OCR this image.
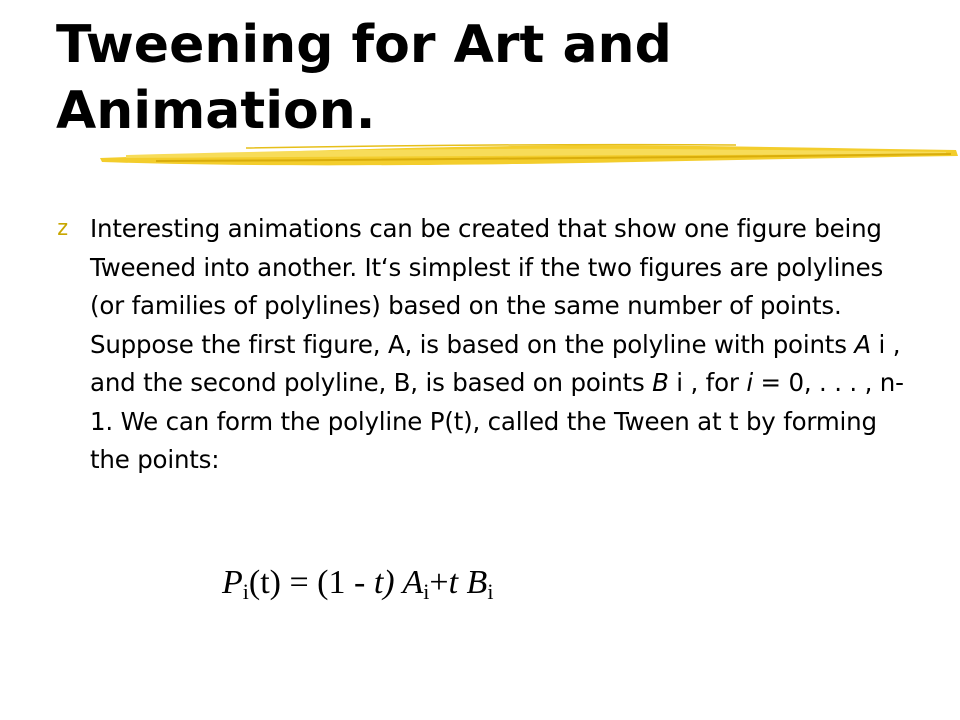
Tweening for Art and Animation.
z Interesting animations can be created that show one figure being Tweened into another. It‘s simplest if the two figures are polylines (or families of polylines) based on the same number of points. Suppose the first figure, A, is based on the polyline with points A i , and the second polyline, B, is based on points B i , for i = 0, . . . , n-1. We can form the polyline P(t), called the Tween at t by forming the points:
$P_i(t) = (1 - t)$ $A_i+t$ $B_i$
